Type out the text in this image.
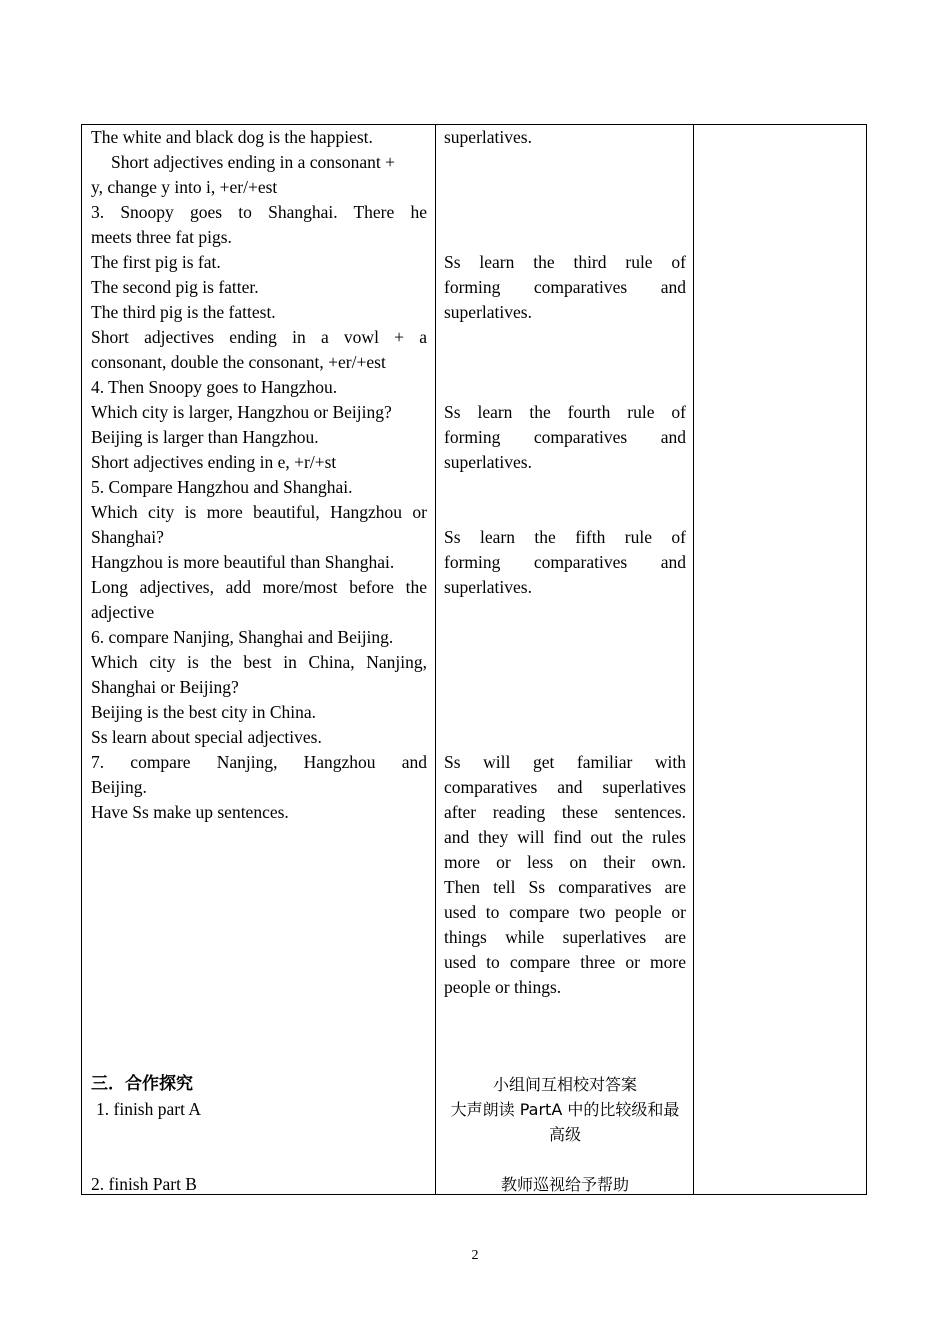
The white and black dog is the happiest.
Short adjectives ending in a consonant +
y, change y into i, +er/+est
3. Snoopy goes to Shanghai. There he
meets three fat pigs.
The first pig is fat.
The second pig is fatter.
The third pig is the fattest.
Short adjectives ending in a vowl + a
consonant, double the consonant, +er/+est
4. Then Snoopy goes to Hangzhou.
Which city is larger, Hangzhou or Beijing?
Beijing is larger than Hangzhou.
Short adjectives ending in e, +r/+st
5. Compare Hangzhou and Shanghai.
Which city is more beautiful, Hangzhou or
Shanghai?
Hangzhou is more beautiful than Shanghai.
Long adjectives, add more/most before the
adjective
6. compare Nanjing, Shanghai and Beijing.
Which city is the best in China, Nanjing,
Shanghai or Beijing?
Beijing is the best city in China.
Ss learn about special adjectives.
7. compare Nanjing, Hangzhou and
Beijing.
Have Ss make up sentences.
三．合作探究
1. finish part A
2. finish Part B
superlatives.
Ss learn the third rule of
forming comparatives and
superlatives.
Ss learn the fourth rule of
forming comparatives and
superlatives.
Ss learn the fifth rule of
forming comparatives and
superlatives.
Ss will get familiar with
comparatives and superlatives
after reading these sentences.
and they will find out the rules
more or less on their own.
Then tell Ss comparatives are
used to compare two people or
things while superlatives are
used to compare three or more
people or things.
小组间互相校对答案
大声朗读 PartA 中的比较级和最
高级
教师巡视给予帮助
2
